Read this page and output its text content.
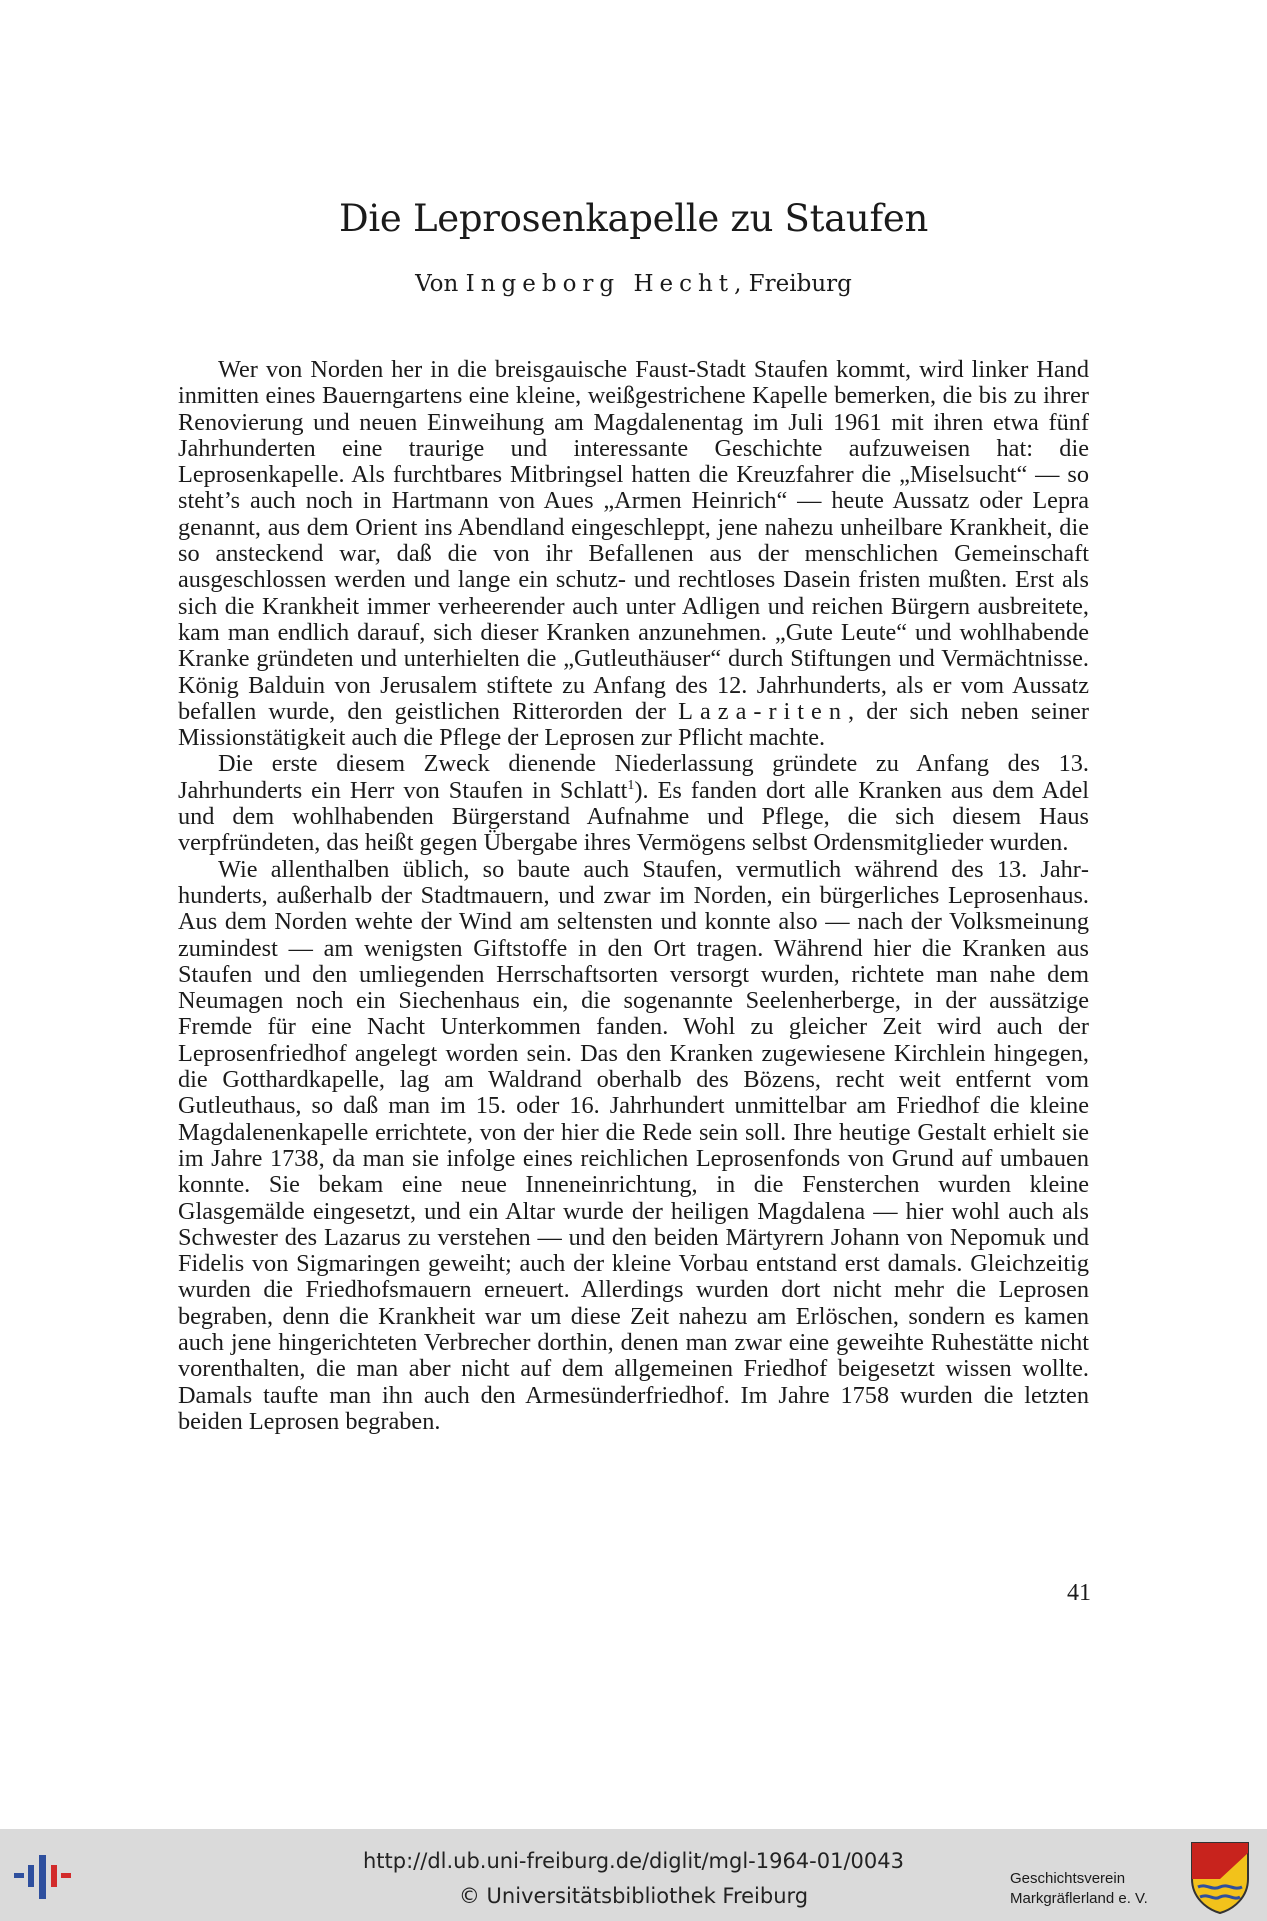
Die Leprosenkapelle zu Staufen
Von Ingeborg Hecht, Freiburg

Wer von Norden her in die breisgauische Faust-Stadt Staufen kommt, wird linker Hand inmitten eines Bauerngartens eine kleine, weißgestrichene Kapelle bemerken, die bis zu ihrer Renovierung und neuen Einweihung am Magdalenentag im Juli 1961 mit ihren etwa fünf Jahrhunderten eine traurige und interessante Geschichte aufzuweisen hat: die Leprosenkapelle. Als furchtbares Mitbringsel hatten die Kreuzfahrer die „Miselsucht“ — so steht’s auch noch in Hartmann von Aues „Armen Heinrich“ — heute Aussatz oder Lepra genannt, aus dem Orient ins Abendland eingeschleppt, jene nahezu unheilbare Krankheit, die so ansteckend war, daß die von ihr Befallenen aus der menschlichen Gemeinschaft ausgeschlossen werden und lange ein schutz- und rechtloses Dasein fristen mußten. Erst als sich die Krankheit immer verheerender auch unter Adligen und reichen Bürgern ausbreitete, kam man endlich darauf, sich dieser Kranken anzunehmen. „Gute Leute“ und wohlhabende Kranke gründeten und unterhielten die „Gutleuthäuser“ durch Stiftungen und Vermächtnisse. König Balduin von Jerusalem stiftete zu Anfang des 12. Jahrhunderts, als er vom Aussatz befallen wurde, den geistlichen Ritterorden der Laza-riten, der sich neben seiner Missionstätigkeit auch die Pflege der Leprosen zur Pflicht machte.

Die erste diesem Zweck dienende Niederlassung gründete zu Anfang des 13. Jahrhunderts ein Herr von Staufen in Schlatt$^1$). Es fanden dort alle Kranken aus dem Adel und dem wohlhabenden Bürgerstand Aufnahme und Pflege, die sich diesem Haus verpfründeten, das heißt gegen Übergabe ihres Vermögens selbst Ordensmitglieder wurden.

Wie allenthalben üblich, so baute auch Staufen, vermutlich während des 13. Jahrhunderts, außerhalb der Stadtmauern, und zwar im Norden, ein bürgerliches Leprosenhaus. Aus dem Norden wehte der Wind am seltensten und konnte also — nach der Volksmeinung zumindest — am wenigsten Giftstoffe in den Ort tragen. Während hier die Kranken aus Staufen und den umliegenden Herrschaftsorten versorgt wurden, richtete man nahe dem Neumagen noch ein Siechenhaus ein, die sogenannte Seelenherberge, in der aussätzige Fremde für eine Nacht Unterkommen fanden. Wohl zu gleicher Zeit wird auch der Leprosenfriedhof angelegt worden sein. Das den Kranken zugewiesene Kirchlein hingegen, die Gotthardkapelle, lag am Waldrand oberhalb des Bözens, recht weit entfernt vom Gutleuthaus, so daß man im 15. oder 16. Jahrhundert unmittelbar am Friedhof die kleine Magdalenenkapelle errichtete, von der hier die Rede sein soll. Ihre heutige Gestalt erhielt sie im Jahre 1738, da man sie infolge eines reichlichen Leprosenfonds von Grund auf umbauen konnte. Sie bekam eine neue Inneneinrichtung, in die Fensterchen wurden kleine Glasgemälde eingesetzt, und ein Altar wurde der heiligen Magdalena — hier wohl auch als Schwester des Lazarus zu verstehen — und den beiden Märtyrern Johann von Nepomuk und Fidelis von Sigmaringen geweiht; auch der kleine Vorbau entstand erst damals. Gleichzeitig wurden die Friedhofsmauern erneuert. Allerdings wurden dort nicht mehr die Leprosen begraben, denn die Krankheit war um diese Zeit nahezu am Erlöschen, sondern es kamen auch jene hingerichteten Verbrecher dorthin, denen man zwar eine geweihte Ruhestätte nicht vorenthalten, die man aber nicht auf dem allgemeinen Friedhof beigesetzt wissen wollte. Damals taufte man ihn auch den Armesünderfriedhof. Im Jahre 1758 wurden die letzten beiden Leprosen begraben.

41
http://dl.ub.uni-freiburg.de/diglit/mgl-1964-01/0043
© Universitätsbibliothek Freiburg
Geschichtsverein
Markgräflerland e. V.
